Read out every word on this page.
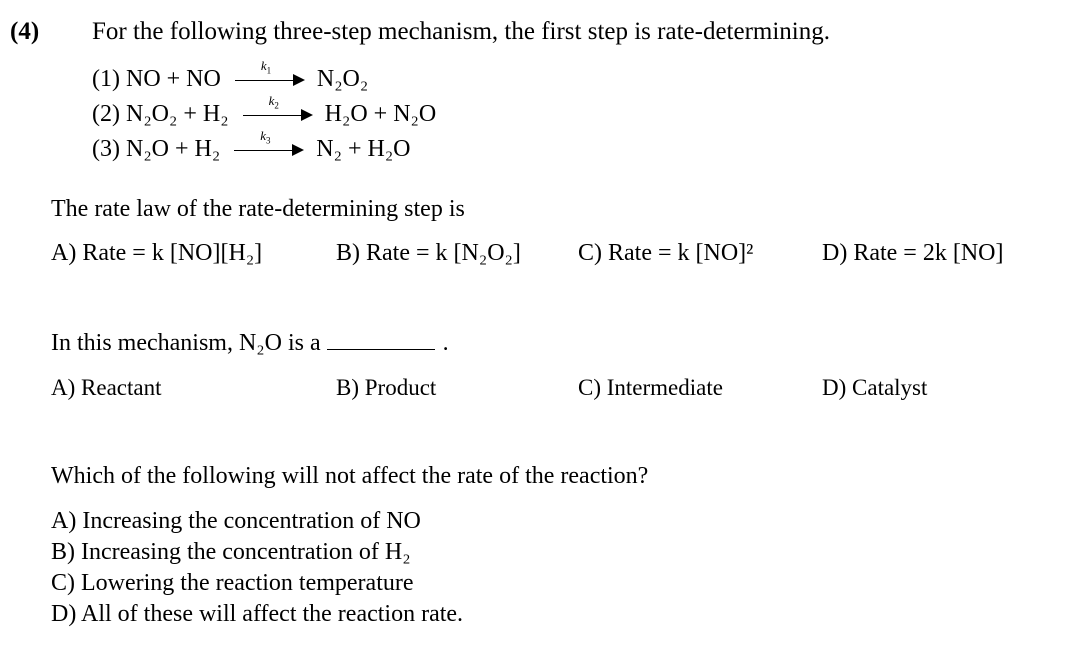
(4) For the following three-step mechanism, the first step is rate-determining.
(1) NO + NO
$k_1$ N₂O₂
(2) N₂O₂ + H₂
$k_2$ H₂O + N₂O
(3) N₂O + H₂
$k_3$ N₂ + H₂O
The rate law of the rate-determining step is
A) Rate = k [NO][H₂]	B) Rate = k [N₂O₂] C) Rate = k [NO]²	D) Rate = 2k [NO]
In this mechanism, N₂O is a	.
A) Reactant	B) Product	C) Intermediate	D) Catalyst
Which of the following will not affect the rate of the reaction?
A) Increasing the concentration of NO
B) Increasing the concentration of H₂
C) Lowering the reaction temperature
D) All of these will affect the reaction rate.
